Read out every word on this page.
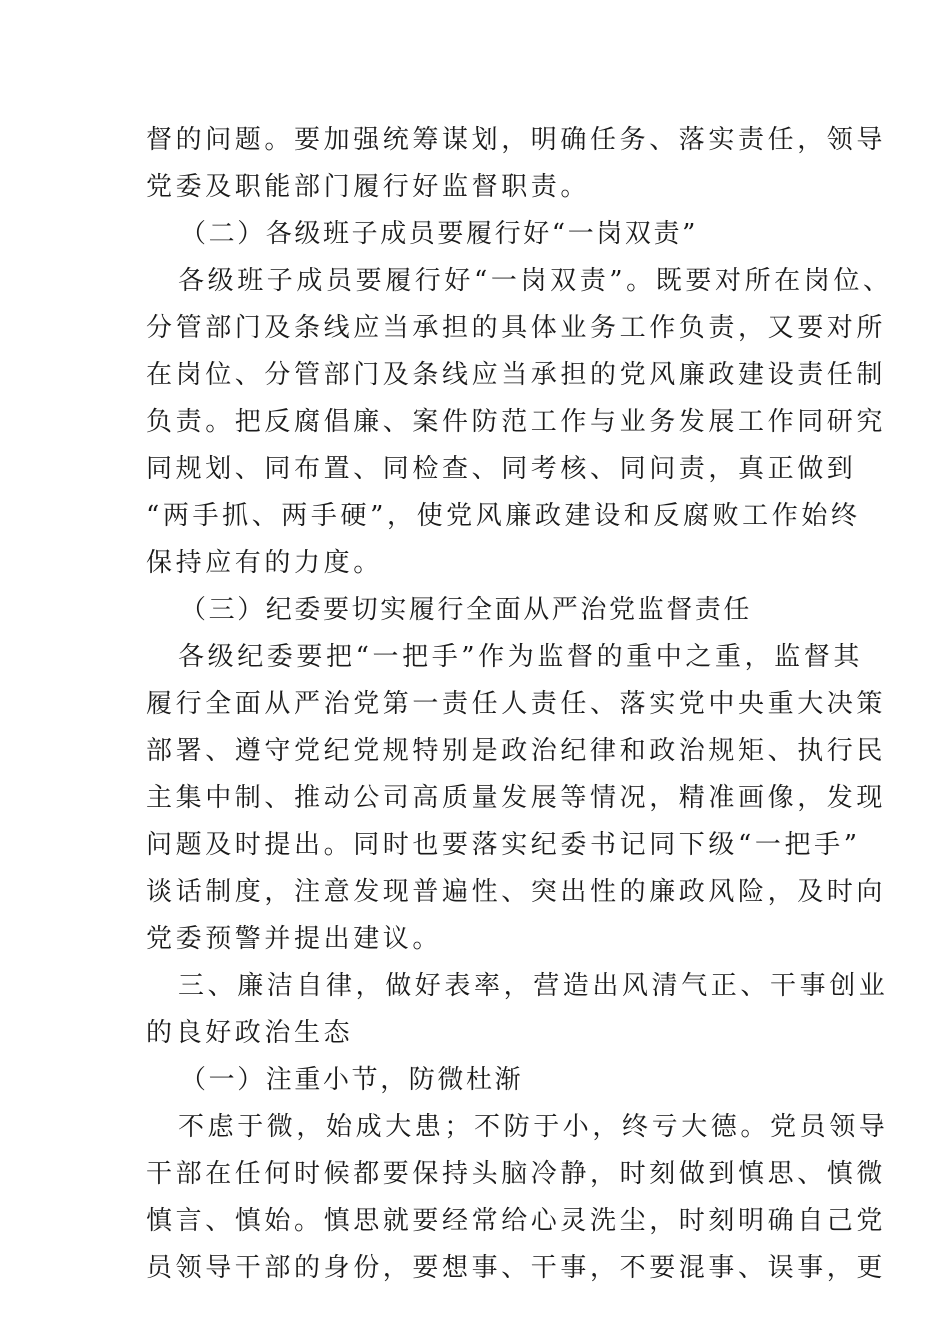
督的问题。要加强统筹谋划，明确任务、落实责任，领导
党委及职能部门履行好监督职责。
（二）各级班子成员要履行好“一岗双责”
各级班子成员要履行好“一岗双责”。既要对所在岗位、
分管部门及条线应当承担的具体业务工作负责，又要对所
在岗位、分管部门及条线应当承担的党风廉政建设责任制
负责。把反腐倡廉、案件防范工作与业务发展工作同研究
同规划、同布置、同检查、同考核、同问责，真正做到
“两手抓、两手硬”，使党风廉政建设和反腐败工作始终
保持应有的力度。
（三）纪委要切实履行全面从严治党监督责任
各级纪委要把“一把手”作为监督的重中之重，监督其
履行全面从严治党第一责任人责任、落实党中央重大决策
部署、遵守党纪党规特别是政治纪律和政治规矩、执行民
主集中制、推动公司高质量发展等情况，精准画像，发现
问题及时提出。同时也要落实纪委书记同下级“一把手”
谈话制度，注意发现普遍性、突出性的廉政风险，及时向
党委预警并提出建议。
三、廉洁自律，做好表率，营造出风清气正、干事创业
的良好政治生态
（一）注重小节，防微杜渐
不虑于微，始成大患；不防于小，终亏大德。党员领导
干部在任何时候都要保持头脑冷静，时刻做到慎思、慎微
慎言、慎始。慎思就要经常给心灵洗尘，时刻明确自己党
员领导干部的身份，要想事、干事，不要混事、误事，更
